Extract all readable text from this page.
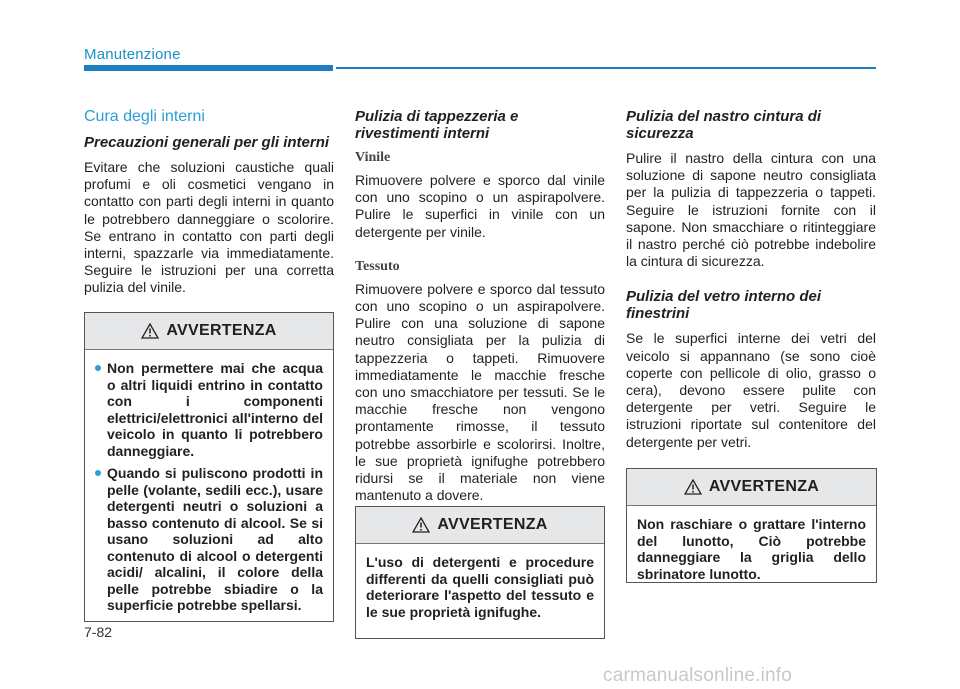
Manutenzione
Cura degli interni
Precauzioni generali per gli interni

Evitare che soluzioni caustiche quali profumi e oli cosmetici vengano in contatto con parti degli interni in quanto le potrebbero danneggiare o scolorire. Se entrano in contatto con parti degli interni, spazzarle via immediatamente. Seguire le istruzioni per una corretta pulizia del vinile.

AVVERTENZA
Non permettere mai che acqua o altri liquidi entrino in contatto con i componenti elettrici/elettronici all'interno del veicolo in quanto li potrebbero danneggiare.
Quando si puliscono prodotti in pelle (volante, sedili ecc.), usare detergenti neutri o soluzioni a basso contenuto di alcool. Se si usano soluzioni ad alto contenuto di alcool o detergenti acidi/ alcalini, il colore della pelle potrebbe sbiadire o la superficie potrebbe spellarsi.
Pulizia di tappezzeria e rivestimenti interni
Vinile

Rimuovere polvere e sporco dal vinile con uno scopino o un aspirapolvere. Pulire le superfici in vinile con un detergente per vinile.

Tessuto

Rimuovere polvere e sporco dal tessuto con uno scopino o un aspirapolvere. Pulire con una soluzione di sapone neutro consigliata per la pulizia di tappezzeria o tappeti. Rimuovere immediatamente le macchie fresche con uno smacchiatore per tessuti. Se le macchie fresche non vengono prontamente rimosse, il tessuto potrebbe assorbirle e scolorirsi. Inoltre, le sue proprietà ignifughe potrebbero ridursi se il materiale non viene mantenuto a dovere.

AVVERTENZA

L'uso di detergenti e procedure differenti da quelli consigliati può deteriorare l'aspetto del tessuto e le sue proprietà ignifughe.

Pulizia del nastro cintura di sicurezza

Pulire il nastro della cintura con una soluzione di sapone neutro consigliata per la pulizia di tappezzeria o tappeti. Seguire le istruzioni fornite con il sapone. Non smacchiare o ritinteggiare il nastro perché ciò potrebbe indebolire la cintura di sicurezza.

Pulizia del vetro interno dei finestrini

Se le superfici interne dei vetri del veicolo si appannano (se sono cioè coperte con pellicole di olio, grasso o cera), devono essere pulite con detergente per vetri. Seguire le istruzioni riportate sul contenitore del detergente per vetri.

AVVERTENZA

Non raschiare o grattare l'interno del lunotto, Ciò potrebbe danneggiare la griglia dello sbrinatore lunotto.

7-82
carmanualsonline.info
